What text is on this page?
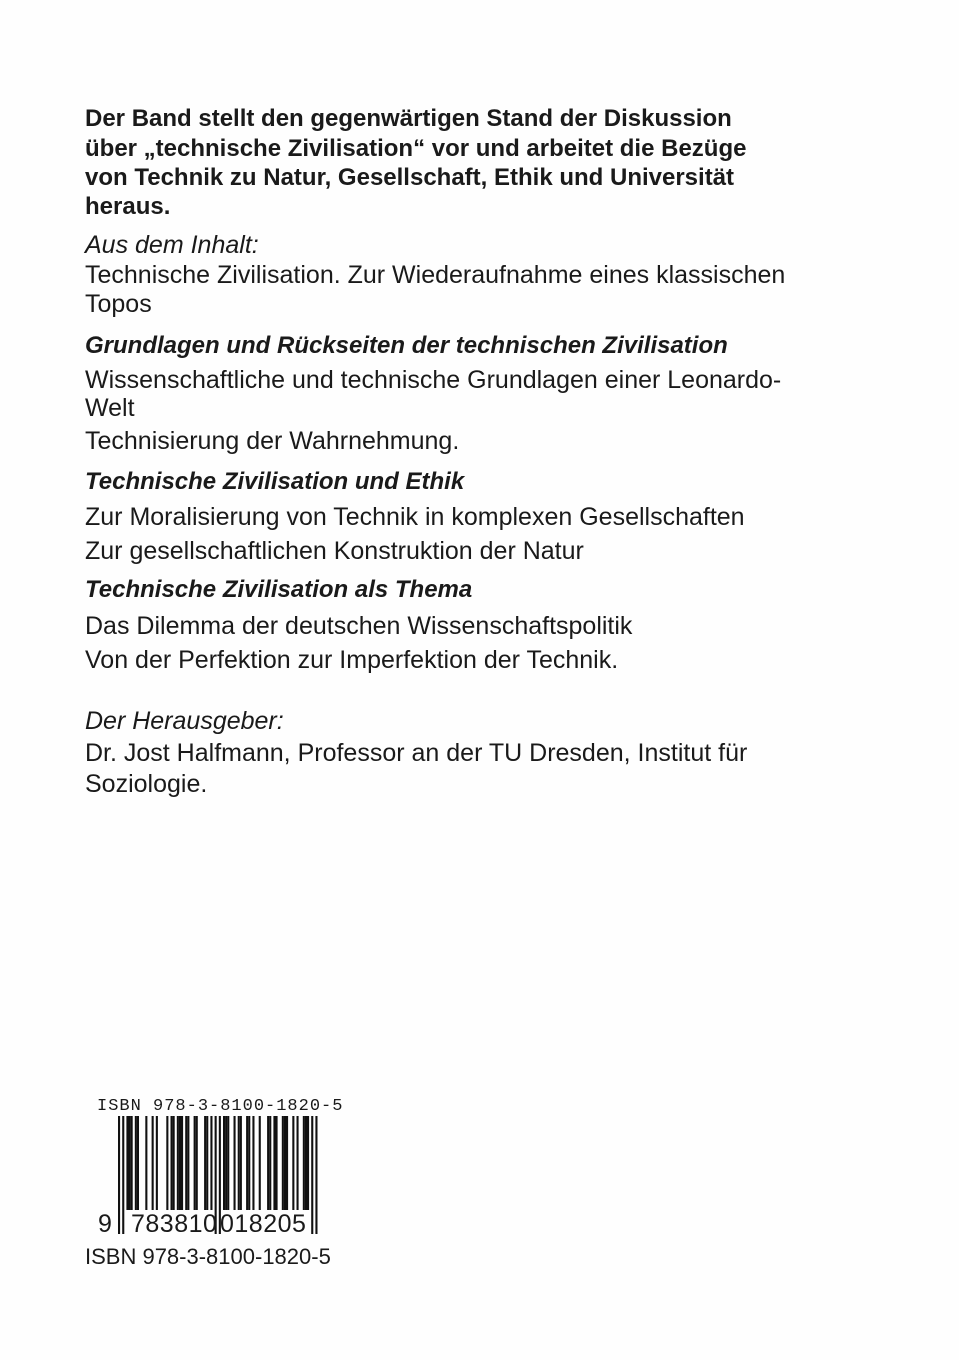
Der Band stellt den gegenwärtigen Stand der Diskussion
über „technische Zivilisation“ vor und arbeitet die Bezüge
von Technik zu Natur, Gesellschaft, Ethik und Universität
heraus.
Aus dem Inhalt:
Technische Zivilisation. Zur Wiederaufnahme eines klassischen
Topos
Grundlagen und Rückseiten der technischen Zivilisation
Wissenschaftliche und technische Grundlagen einer Leonardo-
Welt
Technisierung der Wahrnehmung.
Technische Zivilisation und Ethik
Zur Moralisierung von Technik in komplexen Gesellschaften
Zur gesellschaftlichen Konstruktion der Natur
Technische Zivilisation als Thema
Das Dilemma der deutschen Wissenschaftspolitik
Von der Perfektion zur Imperfektion der Technik.
Der Herausgeber:
Dr. Jost Halfmann, Professor an der TU Dresden, Institut für
Soziologie.
ISBN 978-3-8100-1820-5
9 783810 018205
ISBN 978-3-8100-1820-5
